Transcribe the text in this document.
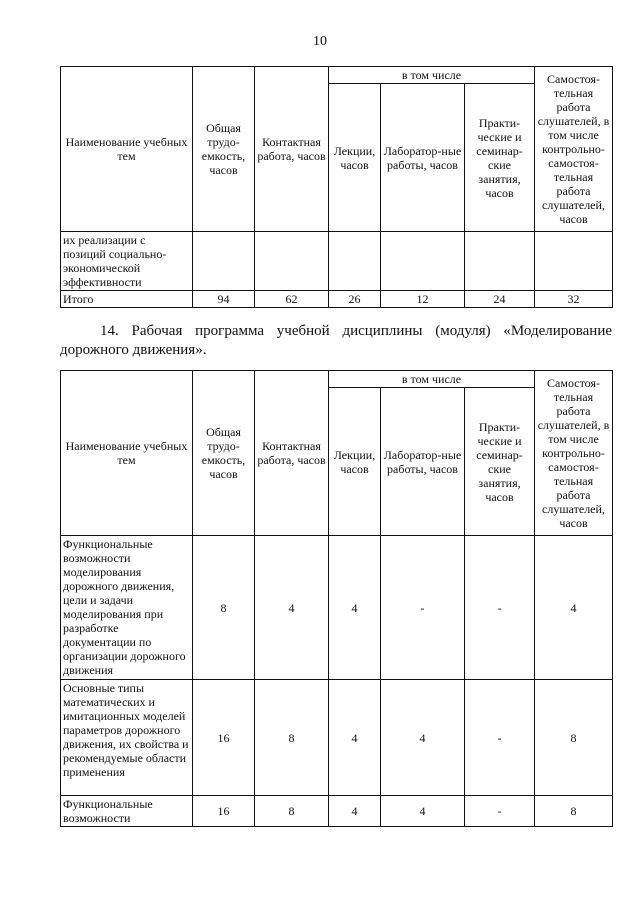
10
Наименование учебных тем	Общая трудо-емкость, часов	Контактная работа, часов	в том числе			Самостоя-тельная работа слушателей, в том числе контрольно-самостоя-тельная работа слушателей, часов
			Лекции, часов	Лаборатор-ные работы, часов	Практи-ческие и семинар-ские занятия, часов	
их реализации с позиций социально-экономической эффективности						
Итого	94	62	26	12	24	32
14. Рабочая программа учебной дисциплины (модуля) «Моделирование дорожного движения».
Наименование учебных тем	Общая трудо-емкость, часов	Контактная работа, часов	в том числе			Самостоя-тельная работа слушателей, в том числе контрольно-самостоя-тельная работа слушателей, часов
			Лекции, часов	Лаборатор-ные работы, часов	Практи-ческие и семинар-ские занятия, часов	
Функциональные возможности моделирования дорожного движения, цели и задачи моделирования при разработке документации по организации дорожного движения	8	4	4	-	-	4
Основные типы математических и имитационных моделей параметров дорожного движения, их свойства и рекомендуемые области применения	16	8	4	4	-	8
Функциональные возможности	16	8	4	4	-	8
